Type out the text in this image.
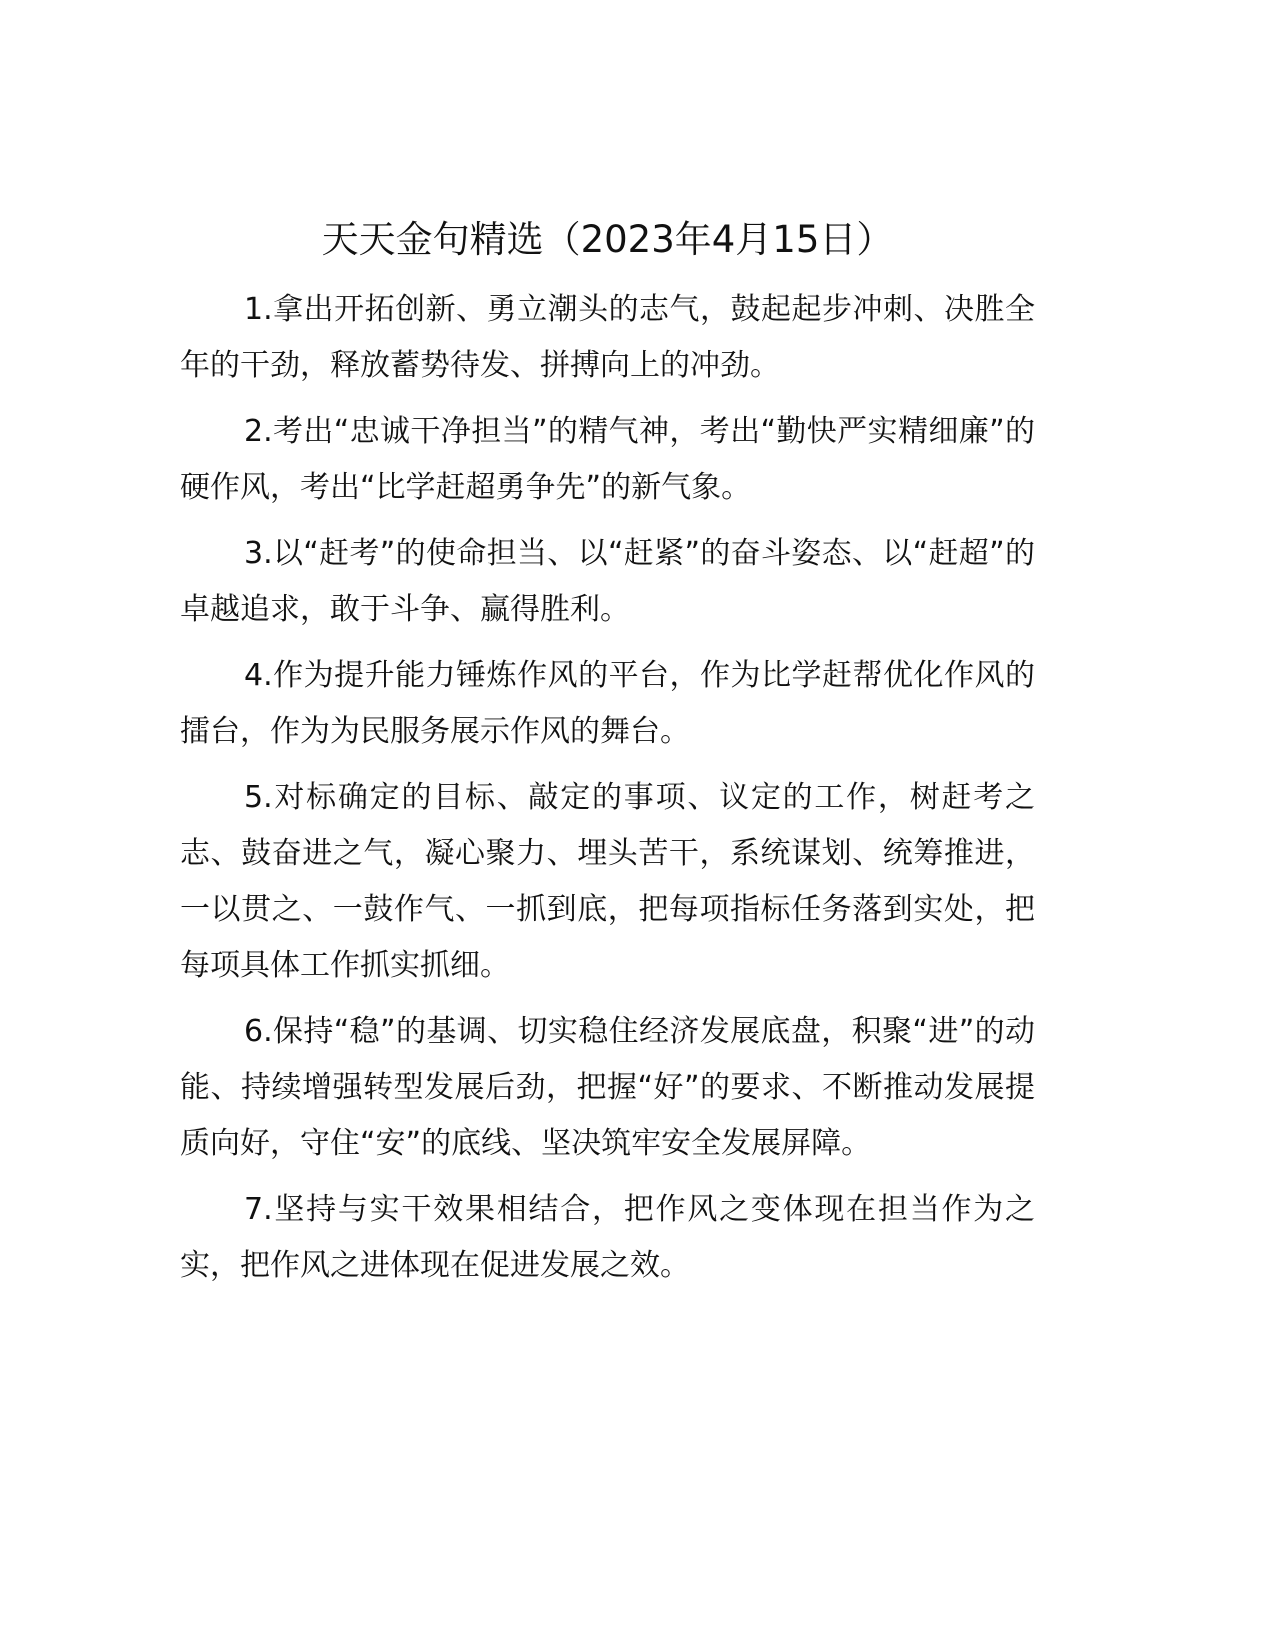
天天金句精选（2023年4月15日）

1.拿出开拓创新、勇立潮头的志气，鼓起起步冲刺、决胜全年的干劲，释放蓄势待发、拼搏向上的冲劲。

2.考出“忠诚干净担当”的精气神，考出“勤快严实精细廉”的硬作风，考出“比学赶超勇争先”的新气象。

3.以“赶考”的使命担当、以“赶紧”的奋斗姿态、以“赶超”的卓越追求，敢于斗争、赢得胜利。

4.作为提升能力锤炼作风的平台，作为比学赶帮优化作风的擂台，作为为民服务展示作风的舞台。

5.对标确定的目标、敲定的事项、议定的工作，树赶考之志、鼓奋进之气，凝心聚力、埋头苦干，系统谋划、统筹推进，一以贯之、一鼓作气、一抓到底，把每项指标任务落到实处，把每项具体工作抓实抓细。

6.保持“稳”的基调、切实稳住经济发展底盘，积聚“进”的动能、持续增强转型发展后劲，把握“好”的要求、不断推动发展提质向好，守住“安”的底线、坚决筑牢安全发展屏障。

7.坚持与实干效果相结合，把作风之变体现在担当作为之实，把作风之进体现在促进发展之效。
